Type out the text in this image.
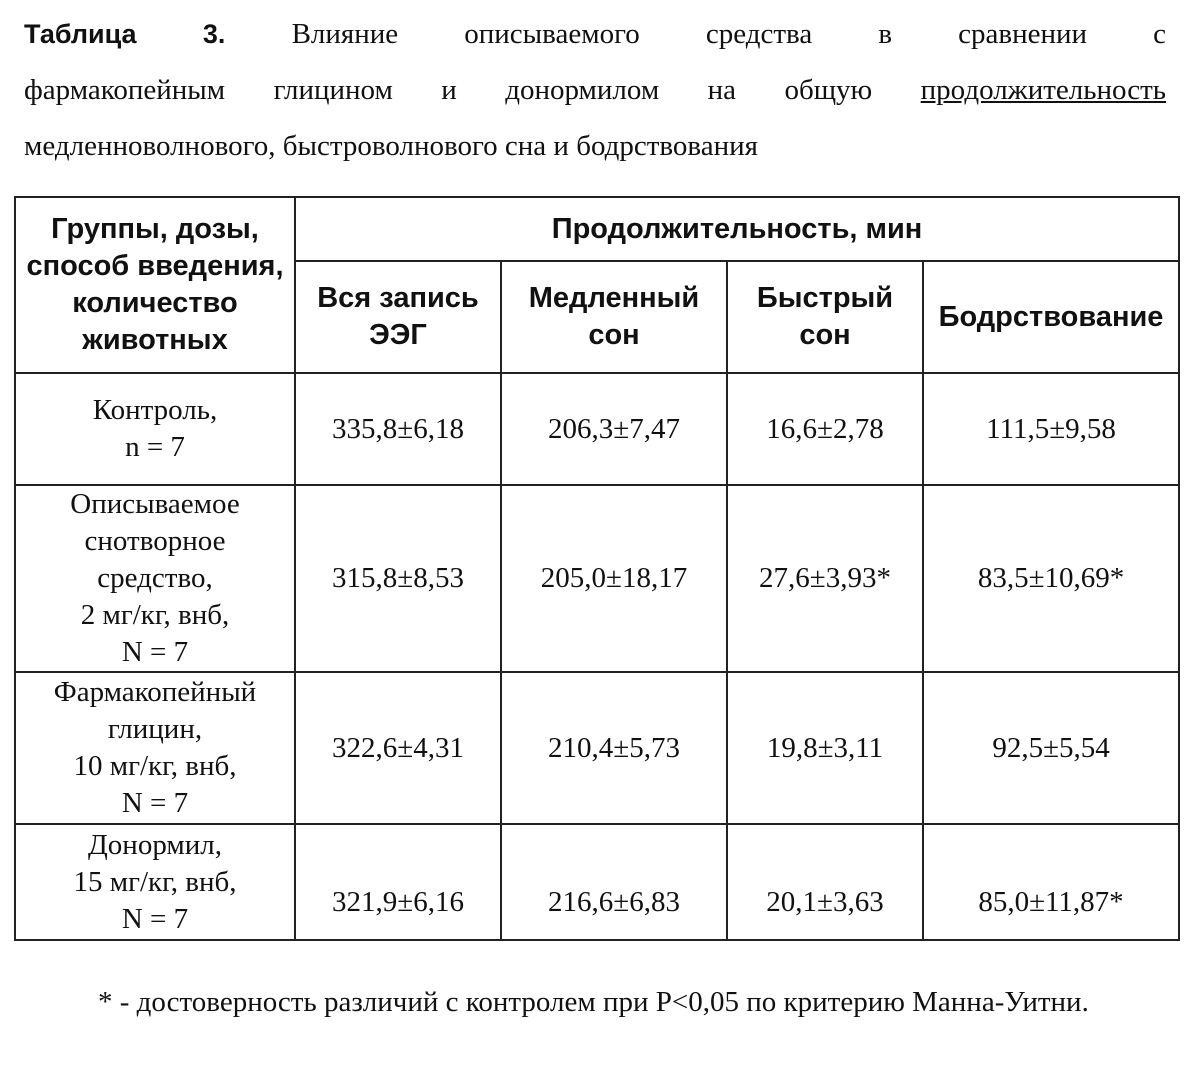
Таблица 3. Влияние описываемого средства в сравнении с
фармакопейным глицином и донормилом на общую продолжительность
медленноволнового, быстроволнового сна и бодрствования
Группы, дозы, способ введения, количество животных	Продолжительность, мин			
	Вся запись ЭЭГ	Медленный сон	Быстрый сон	Бодрствование

Контроль,
n = 7	335,8±6,18	206,3±7,47	16,6±2,78	111,5±9,58

Описываемое
снотворное
средство,
2 мг/кг, внб,
N = 7	315,8±8,53	205,0±18,17	27,6±3,93*	83,5±10,69*

Фармакопейный
глицин,
10 мг/кг, внб,
N = 7	322,6±4,31	210,4±5,73	19,8±3,11	92,5±5,54

Донормил,
15 мг/кг, внб,
N = 7	321,9±6,16	216,6±6,83	20,1±3,63	85,0±11,87*
* - достоверность различий с контролем при P<0,05 по критерию Манна-Уитни.
